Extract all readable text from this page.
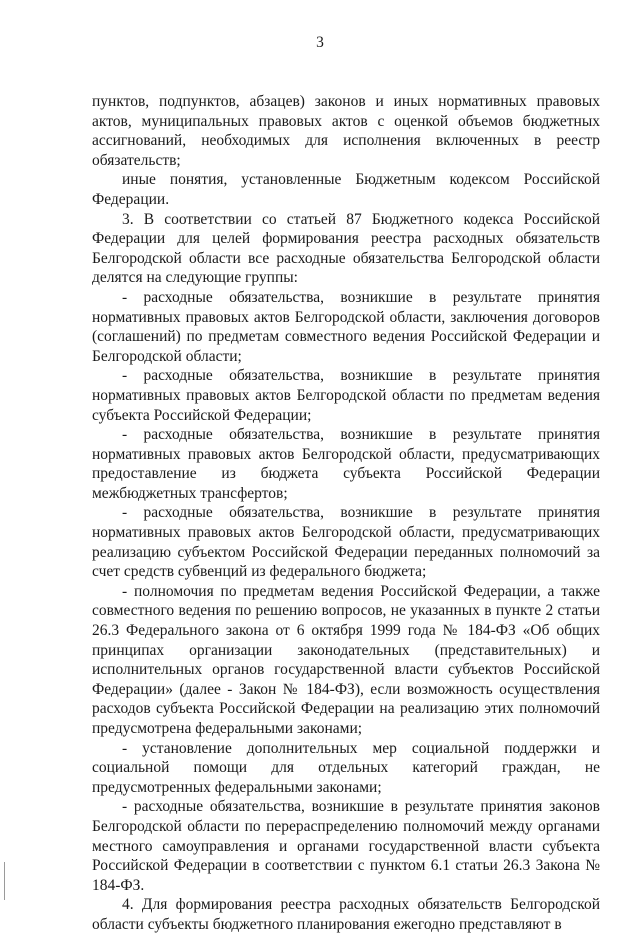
3

пунктов, подпунктов, абзацев) законов и иных нормативных правовых актов, муниципальных правовых актов с оценкой объемов бюджетных ассигнований, необходимых для исполнения включенных в реестр обязательств;

иные понятия, установленные Бюджетным кодексом Российской Федерации.

3. В соответствии со статьей 87 Бюджетного кодекса Российской Федерации для целей формирования реестра расходных обязательств Белгородской области все расходные обязательства Белгородской области делятся на следующие группы:

- расходные обязательства, возникшие в результате принятия нормативных правовых актов Белгородской области, заключения договоров (соглашений) по предметам совместного ведения Российской Федерации и Белгородской области;

- расходные обязательства, возникшие в результате принятия нормативных правовых актов Белгородской области по предметам ведения субъекта Российской Федерации;

- расходные обязательства, возникшие в результате принятия нормативных правовых актов Белгородской области, предусматривающих предоставление из бюджета субъекта Российской Федерации межбюджетных трансфертов;

- расходные обязательства, возникшие в результате принятия нормативных правовых актов Белгородской области, предусматривающих реализацию субъектом Российской Федерации переданных полномочий за счет средств субвенций из федерального бюджета;

- полномочия по предметам ведения Российской Федерации, а также совместного ведения по решению вопросов, не указанных в пункте 2 статьи 26.3 Федерального закона от 6 октября 1999 года № 184-ФЗ «Об общих принципах организации законодательных (представительных) и исполнительных органов государственной власти субъектов Российской Федерации» (далее - Закон № 184-ФЗ), если возможность осуществления расходов субъекта Российской Федерации на реализацию этих полномочий предусмотрена федеральными законами;

- установление дополнительных мер социальной поддержки и социальной помощи для отдельных категорий граждан, не предусмотренных федеральными законами;

- расходные обязательства, возникшие в результате принятия законов Белгородской области по перераспределению полномочий между органами местного самоуправления и органами государственной власти субъекта Российской Федерации в соответствии с пунктом 6.1 статьи 26.3 Закона № 184-ФЗ.

4. Для формирования реестра расходных обязательств Белгородской области субъекты бюджетного планирования ежегодно представляют в
